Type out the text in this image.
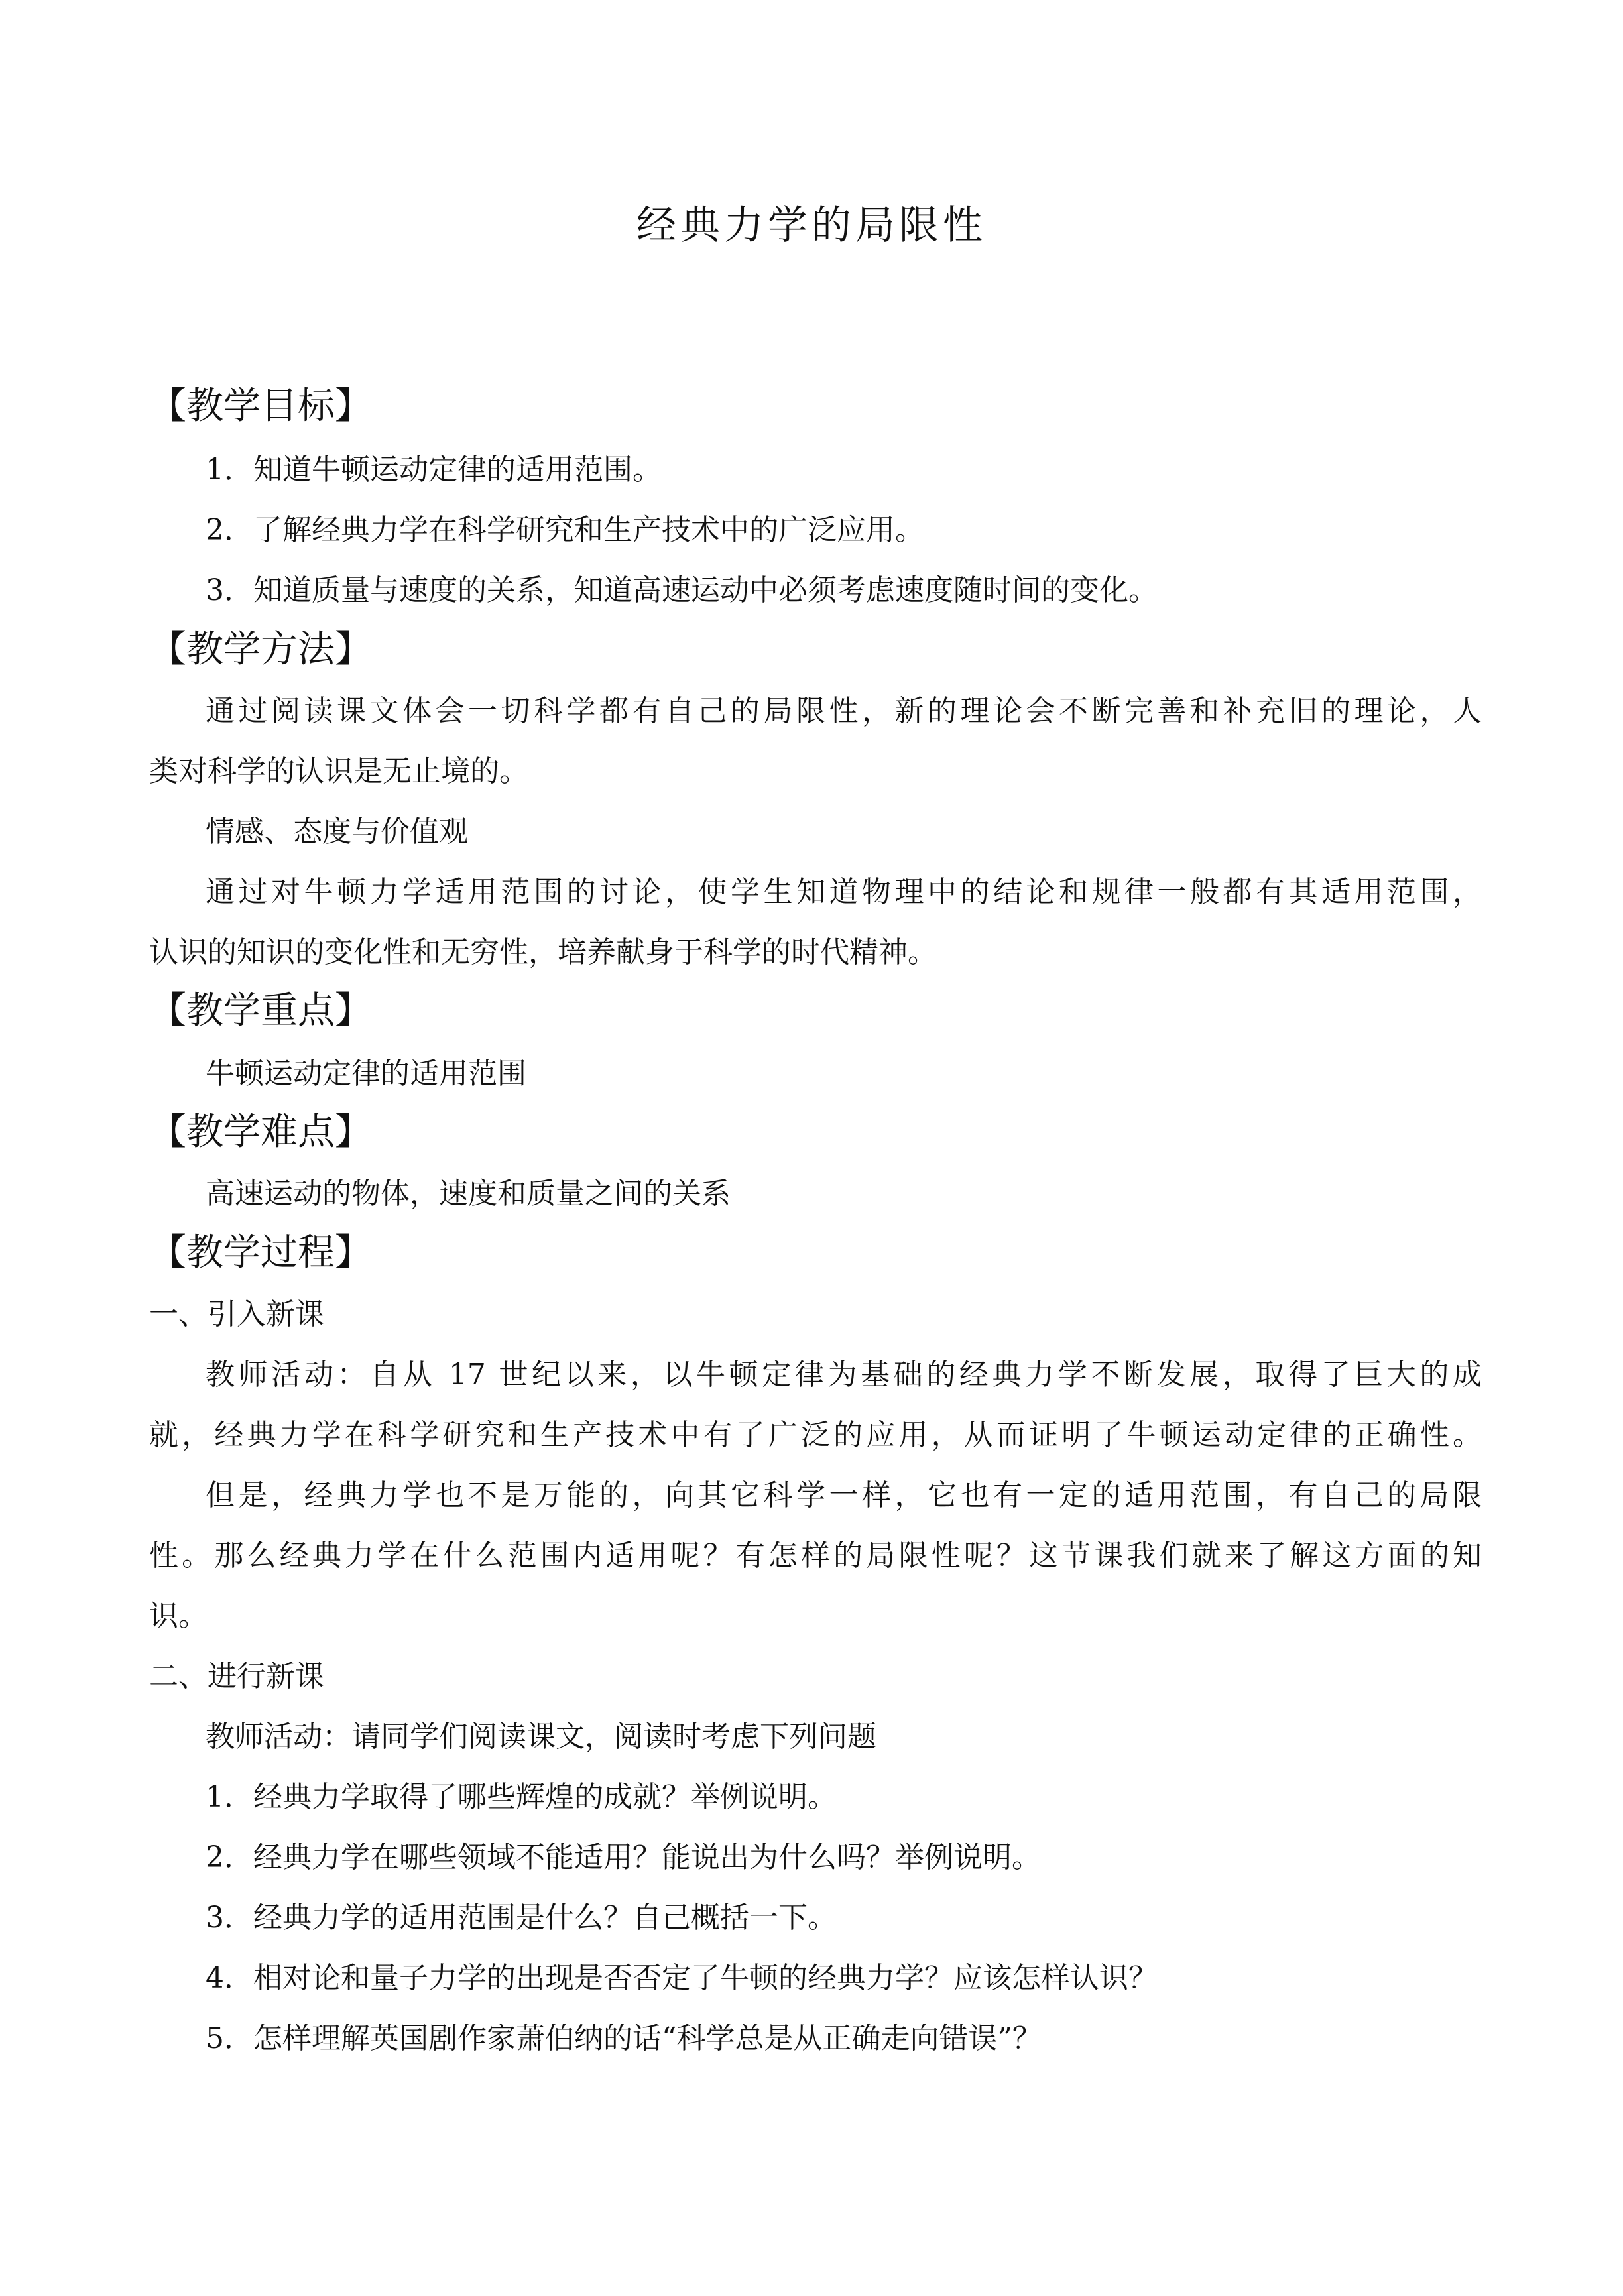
经典力学的局限性
【教学目标】
1．知道牛顿运动定律的适用范围。
2．了解经典力学在科学研究和生产技术中的广泛应用。
3．知道质量与速度的关系，知道高速运动中必须考虑速度随时间的变化。
【教学方法】
通过阅读课文体会一切科学都有自己的局限性，新的理论会不断完善和补充旧的理论，人
类对科学的认识是无止境的。
情感、态度与价值观
通过对牛顿力学适用范围的讨论，使学生知道物理中的结论和规律一般都有其适用范围，
认识的知识的变化性和无穷性，培养献身于科学的时代精神。
【教学重点】
牛顿运动定律的适用范围
【教学难点】
高速运动的物体，速度和质量之间的关系
【教学过程】
一、引入新课
教师活动：自从 17 世纪以来，以牛顿定律为基础的经典力学不断发展，取得了巨大的成
就，经典力学在科学研究和生产技术中有了广泛的应用，从而证明了牛顿运动定律的正确性。
但是，经典力学也不是万能的，向其它科学一样，它也有一定的适用范围，有自己的局限
性。那么经典力学在什么范围内适用呢？有怎样的局限性呢？这节课我们就来了解这方面的知
识。
二、进行新课
教师活动：请同学们阅读课文，阅读时考虑下列问题
1．经典力学取得了哪些辉煌的成就？举例说明。
2．经典力学在哪些领域不能适用？能说出为什么吗？举例说明。
3．经典力学的适用范围是什么？自己概括一下。
4．相对论和量子力学的出现是否否定了牛顿的经典力学？应该怎样认识？
5．怎样理解英国剧作家萧伯纳的话“科学总是从正确走向错误”？
